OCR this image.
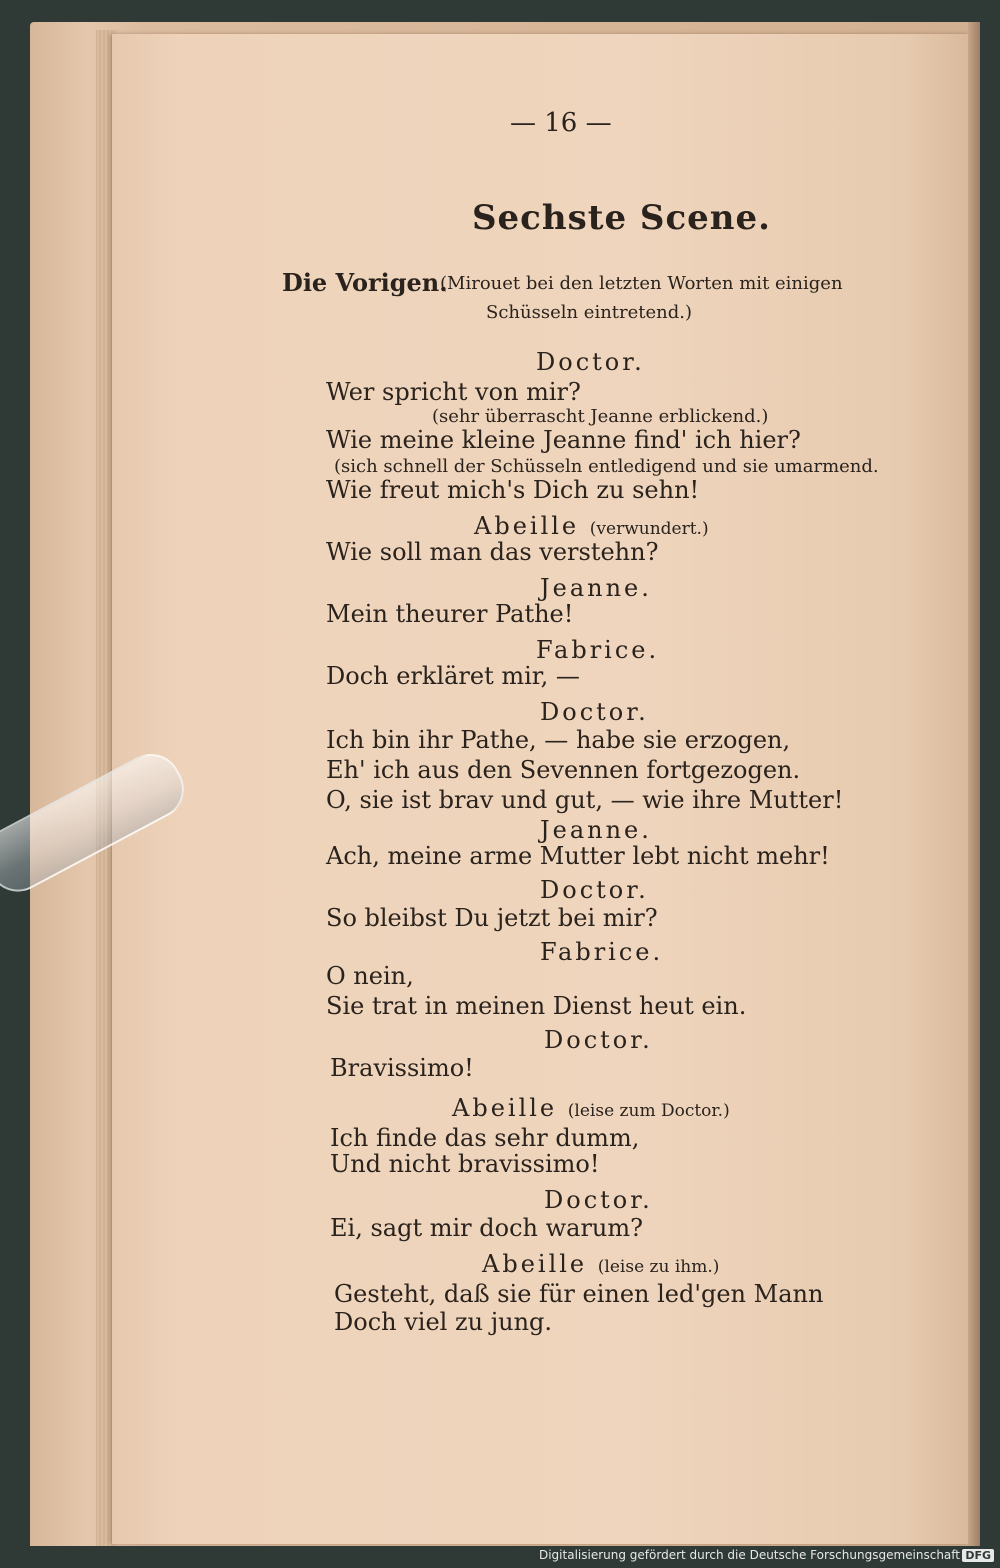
— 16 —
Sechste Scene.
Die Vorigen.
(Mirouet bei den letzten Worten mit einigen
Schüsseln eintretend.)
Doctor.
Wer spricht von mir?
(sehr überrascht Jeanne erblickend.)
Wie meine kleine Jeanne find' ich hier?
(sich schnell der Schüsseln entledigend und sie umarmend.
Wie freut mich's Dich zu sehn!
Abeille (verwundert.)
Wie soll man das verstehn?
Jeanne.
Mein theurer Pathe!
Fabrice.
Doch erkläret mir, —
Doctor.
Ich bin ihr Pathe, — habe sie erzogen,
Eh' ich aus den Sevennen fortgezogen.
O, sie ist brav und gut, — wie ihre Mutter!
Jeanne.
Ach, meine arme Mutter lebt nicht mehr!
Doctor.
So bleibst Du jetzt bei mir?
Fabrice.
O nein,
Sie trat in meinen Dienst heut ein.
Doctor.
Bravissimo!
Abeille (leise zum Doctor.)
Ich finde das sehr dumm,
Und nicht bravissimo!
Doctor.
Ei, sagt mir doch warum?
Abeille (leise zu ihm.)
Gesteht, daß sie für einen led'gen Mann
Doch viel zu jung.
Digitalisierung gefördert durch die Deutsche Forschungsgemeinschaft DFG
